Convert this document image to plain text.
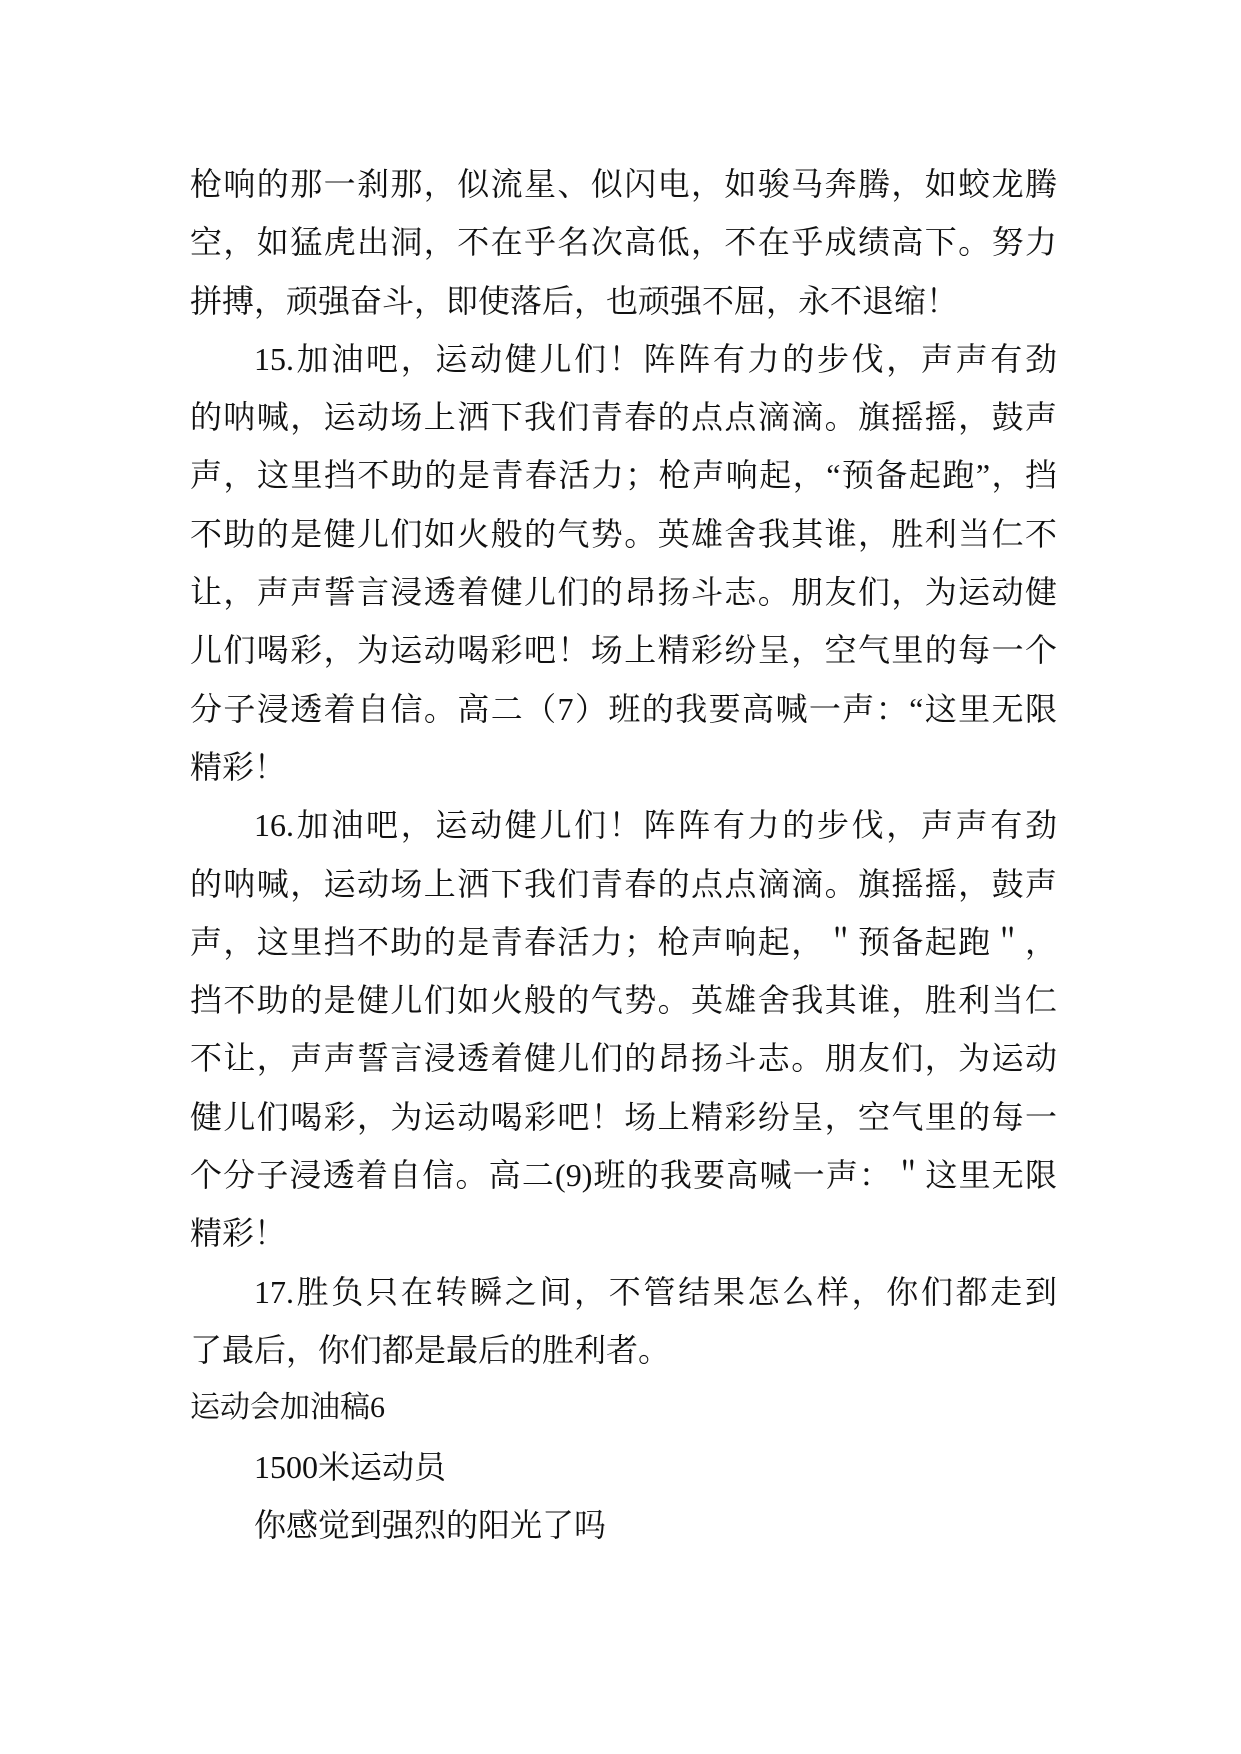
枪响的那一刹那，似流星、似闪电，如骏马奔腾，如蛟龙腾
空，如猛虎出洞，不在乎名次高低，不在乎成绩高下。努力
拼搏，顽强奋斗，即使落后，也顽强不屈，永不退缩！
15.加油吧，运动健儿们！阵阵有力的步伐，声声有劲
的呐喊，运动场上洒下我们青春的点点滴滴。旗摇摇，鼓声
声，这里挡不助的是青春活力；枪声响起，“预备起跑”，挡
不助的是健儿们如火般的气势。英雄舍我其谁，胜利当仁不
让，声声誓言浸透着健儿们的昂扬斗志。朋友们，为运动健
儿们喝彩，为运动喝彩吧！场上精彩纷呈，空气里的每一个
分子浸透着自信。高二（7）班的我要高喊一声：“这里无限
精彩！
16.加油吧，运动健儿们！阵阵有力的步伐，声声有劲
的呐喊，运动场上洒下我们青春的点点滴滴。旗摇摇，鼓声
声，这里挡不助的是青春活力；枪声响起，＂预备起跑＂，
挡不助的是健儿们如火般的气势。英雄舍我其谁，胜利当仁
不让，声声誓言浸透着健儿们的昂扬斗志。朋友们，为运动
健儿们喝彩，为运动喝彩吧！场上精彩纷呈，空气里的每一
个分子浸透着自信。高二(9)班的我要高喊一声：＂这里无限
精彩！
17.胜负只在转瞬之间，不管结果怎么样，你们都走到
了最后，你们都是最后的胜利者。
运动会加油稿6
1500米运动员
你感觉到强烈的阳光了吗
